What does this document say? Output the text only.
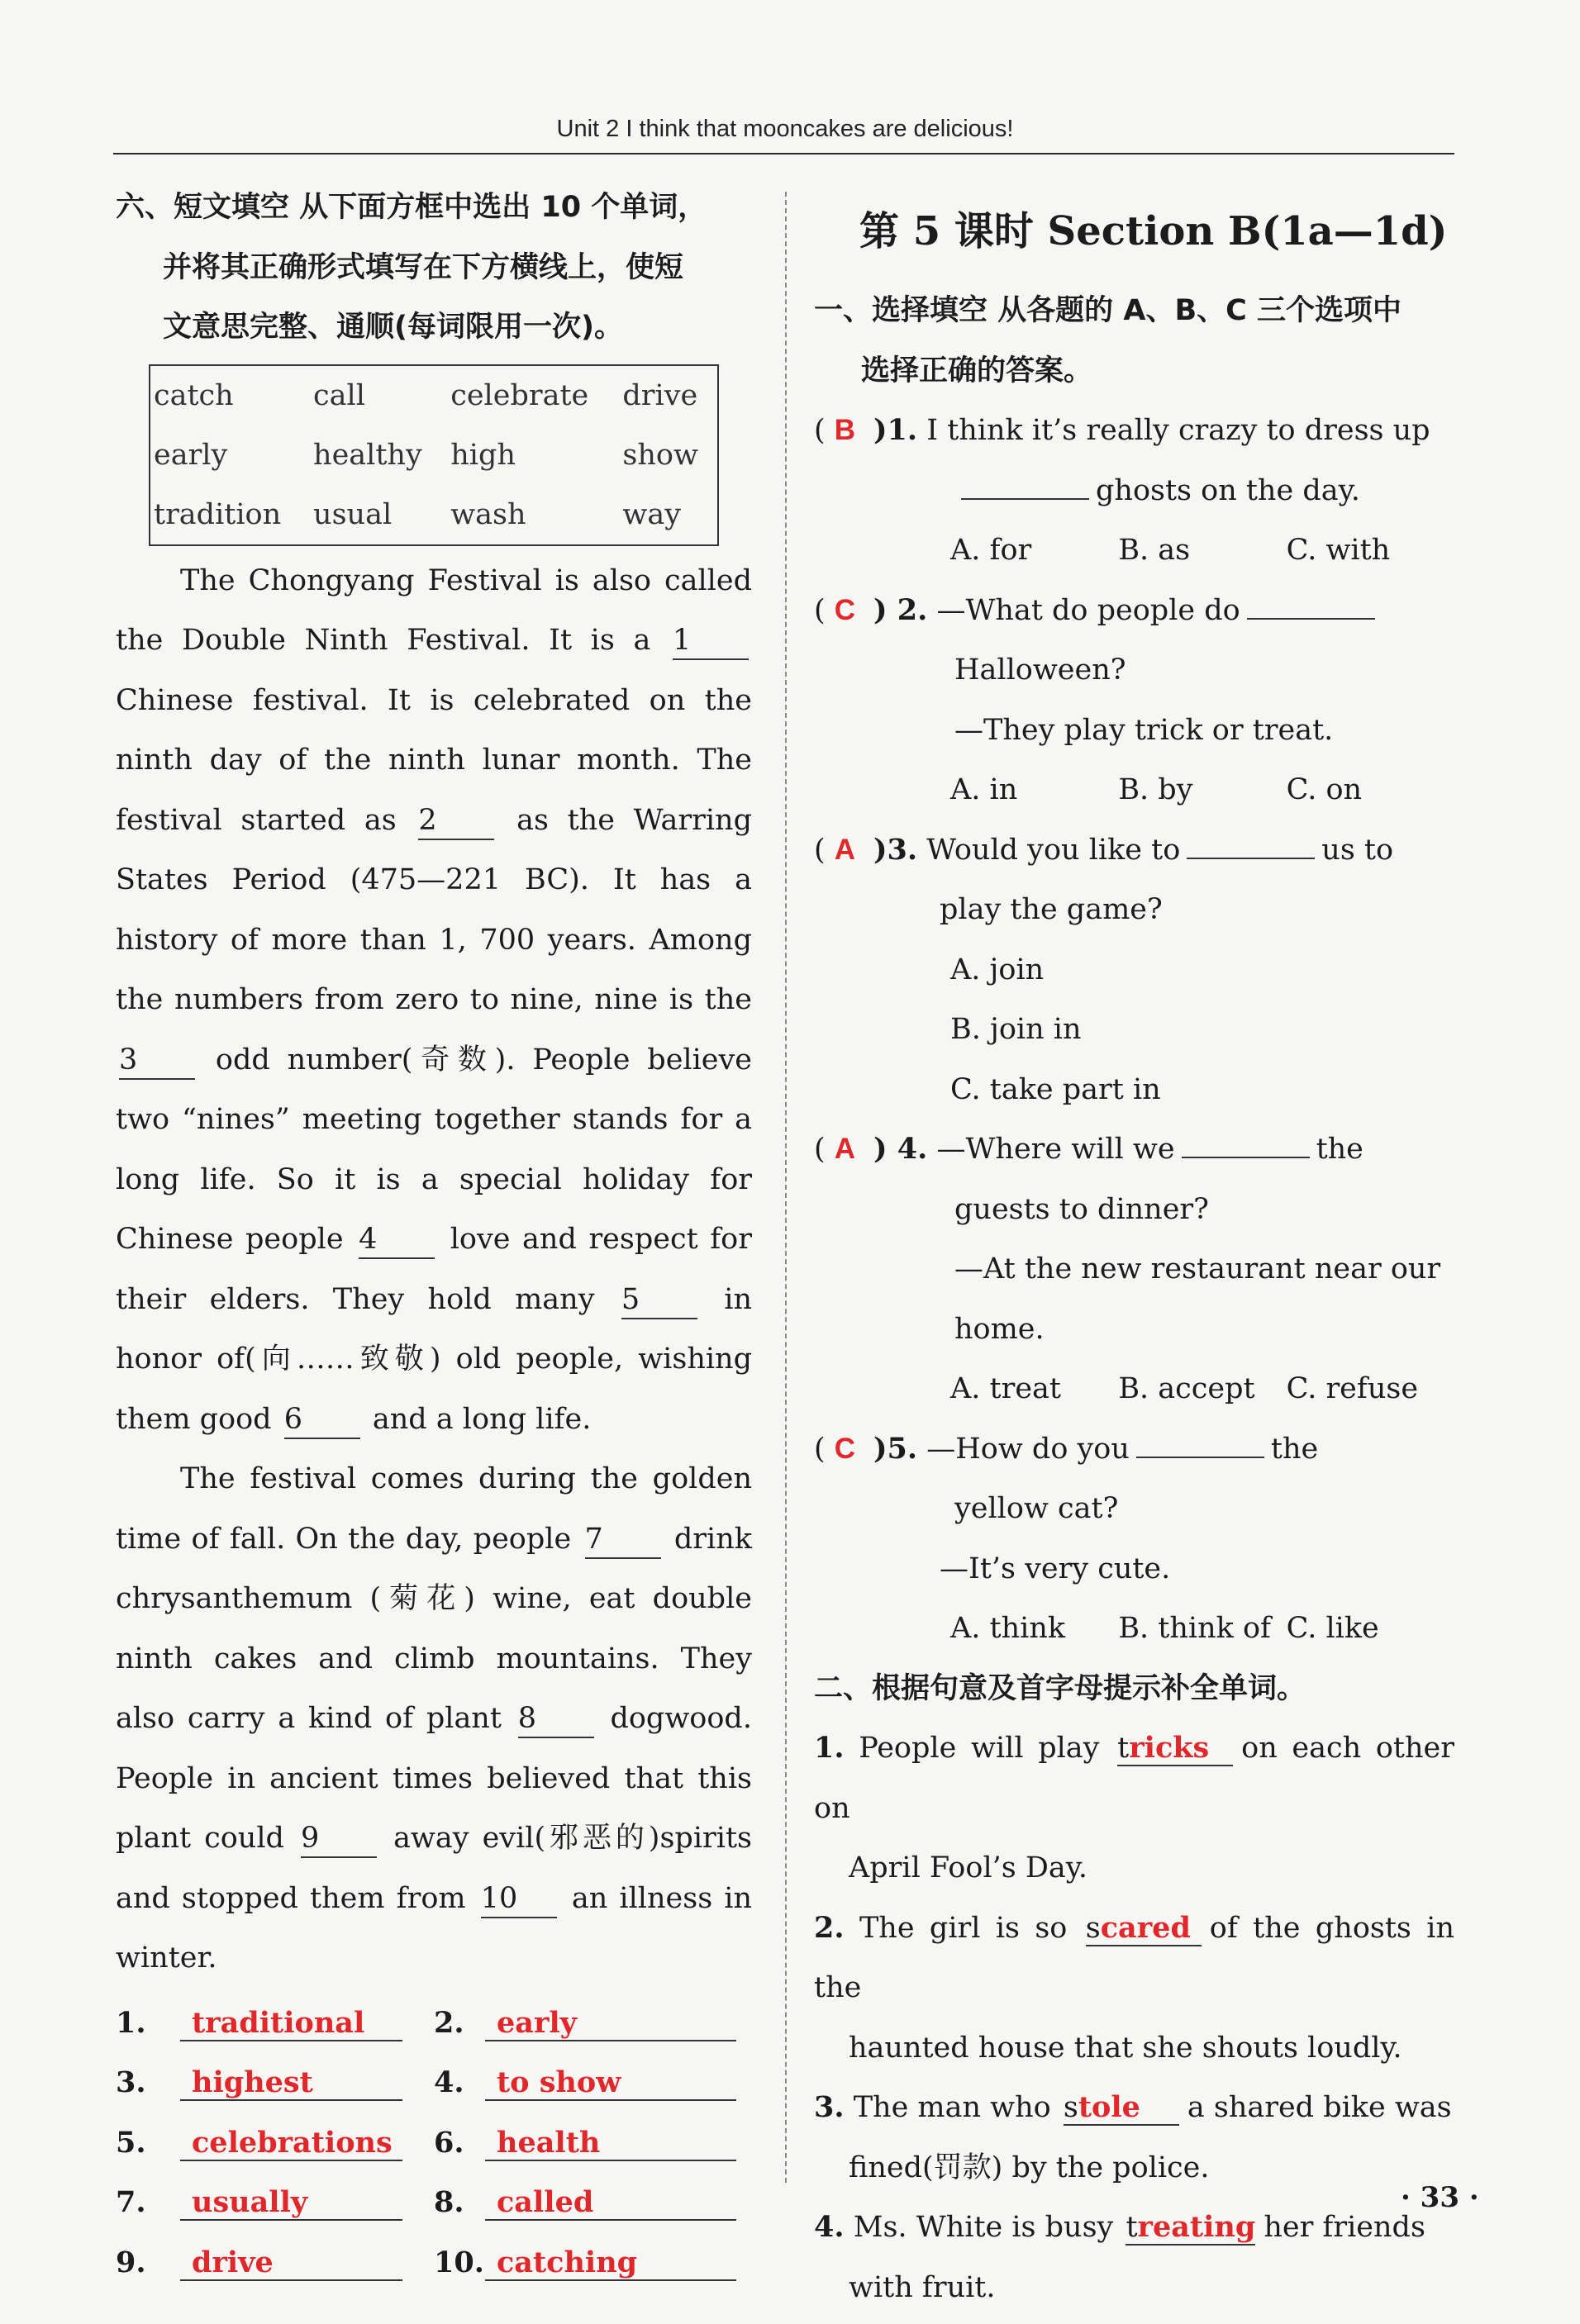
Unit 2 I think that mooncakes are delicious!
六、短文填空 从下面方框中选出 10 个单词，
并将其正确形式填写在下方横线上，使短
文意思完整、通顺(每词限用一次)。
catch	call	celebrate	drive
early	healthy	high	show
tradition	usual	wash	way
The Chongyang Festival is also called the Double Ninth Festival. It is a 1 Chinese festival. It is celebrated on the ninth day of the ninth lunar month. The festival started as 2	as the Warring States Period (475—221 BC). It has a history of more than 1, 700 years. Among the numbers from zero to nine, nine is the 3	odd number(奇数). People believe two “nines” meeting together stands for a long life. So it is a special holiday for Chinese people 4	love and respect for their elders. They hold many 5	in honor of(向……致敬) old people, wishing them good 6 and a long life.
The festival comes during the golden time of fall. On the day, people 7 drink chrysanthemum (菊花) wine, eat double ninth cakes and climb mountains. They also carry a kind of plant 8	dogwood. People in ancient times believed that this plant could 9	away evil(邪恶的)spirits and stopped them from 10 an illness in winter.
1.	traditional	2.	early
3.	highest	4.	to show
5.	celebrations	6.	health
7.	usually	8.	called
9.	drive	10. catching
第 5 课时 Section B(1a—1d)
一、选择填空 从各题的 A、B、C 三个选项中
选择正确的答案。
( B )1. I think it’s really crazy to dress up
ghosts on the day.
A. for	B. as	C. with
( C ) 2. —What do people do
Halloween?
—They play trick or treat.
A. in	B. by	C. on
( A )3. Would you like to	us to
play the game?
A. join
B. join in
C. take part in
( A ) 4. —Where will we	the
guests to dinner?
—At the new restaurant near our
home.
A. treat	B. accept	C. refuse
( C )5. —How do you	the
yellow cat?
—It’s very cute.
A. think	B. think of C. like
二、根据句意及首字母提示补全单词。
1. People will play tricks on each other on
April Fool’s Day.
2. The girl is so scared of the ghosts in the
haunted house that she shouts loudly.
3. The man who stole a shared bike was
fined(罚款) by the police.
4. Ms. White is busy treating her friends
with fruit.
· 33 ·
